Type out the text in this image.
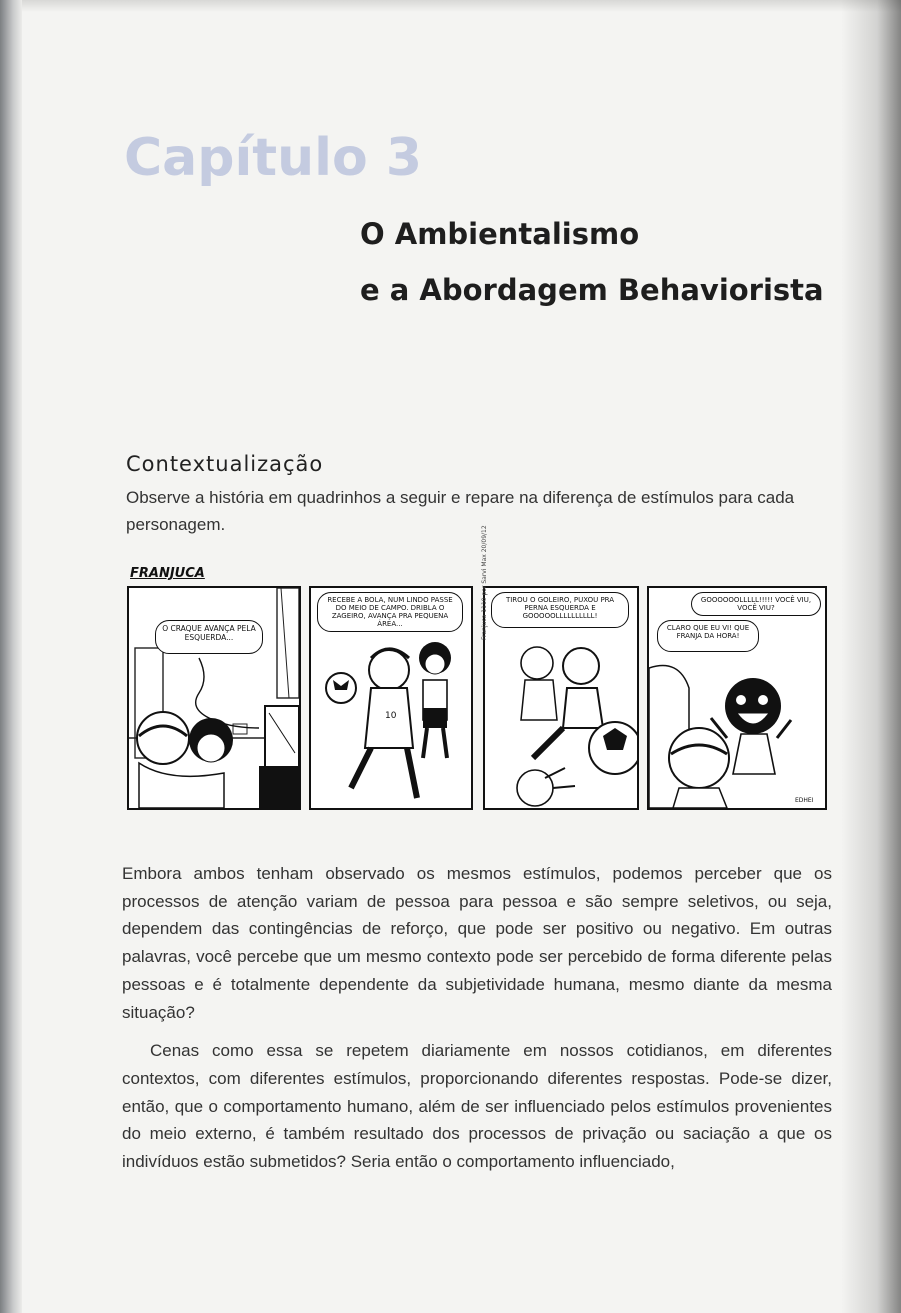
Capítulo 3
O Ambientalismo
e a Abordagem Behaviorista
Contextualização
Observe a história em quadrinhos a seguir e repare na diferença de estímulos para cada personagem.
FRANJUCA
O CRAQUE AVANÇA PELA ESQUERDA...
10
RECEBE A BOLA, NUM LINDO PASSE DO MEIO DE CAMPO. DRIBLA O ZAGEIRO, AVANÇA PRA PEQUENA ÁREA...
TIROU O GOLEIRO, PUXOU PRA PERNA ESQUERDA E GOOOOOLLLLLLLLLL!
EDHEI
GOOOOOOLLLLL!!!!! VOCÊ VIU, VOCÊ VIU?
CLARO QUE EU VI! QUE FRANJA DA HORA!
Franjuca 1110 por Sarvi Max 20/09/12

Embora ambos tenham observado os mesmos estímulos, podemos perceber que os processos de atenção variam de pessoa para pessoa e são sempre seletivos, ou seja, dependem das contingências de reforço, que pode ser positivo ou negativo. Em outras palavras, você percebe que um mesmo contexto pode ser percebido de forma diferente pelas pessoas e é totalmente dependente da subjetividade humana, mesmo diante da mesma situação?

Cenas como essa se repetem diariamente em nossos cotidianos, em diferentes contextos, com diferentes estímulos, proporcionando diferentes respostas. Pode-se dizer, então, que o comportamento humano, além de ser influenciado pelos estímulos provenientes do meio externo, é também resultado dos processos de privação ou saciação a que os indivíduos estão submetidos? Seria então o comportamento influenciado,
